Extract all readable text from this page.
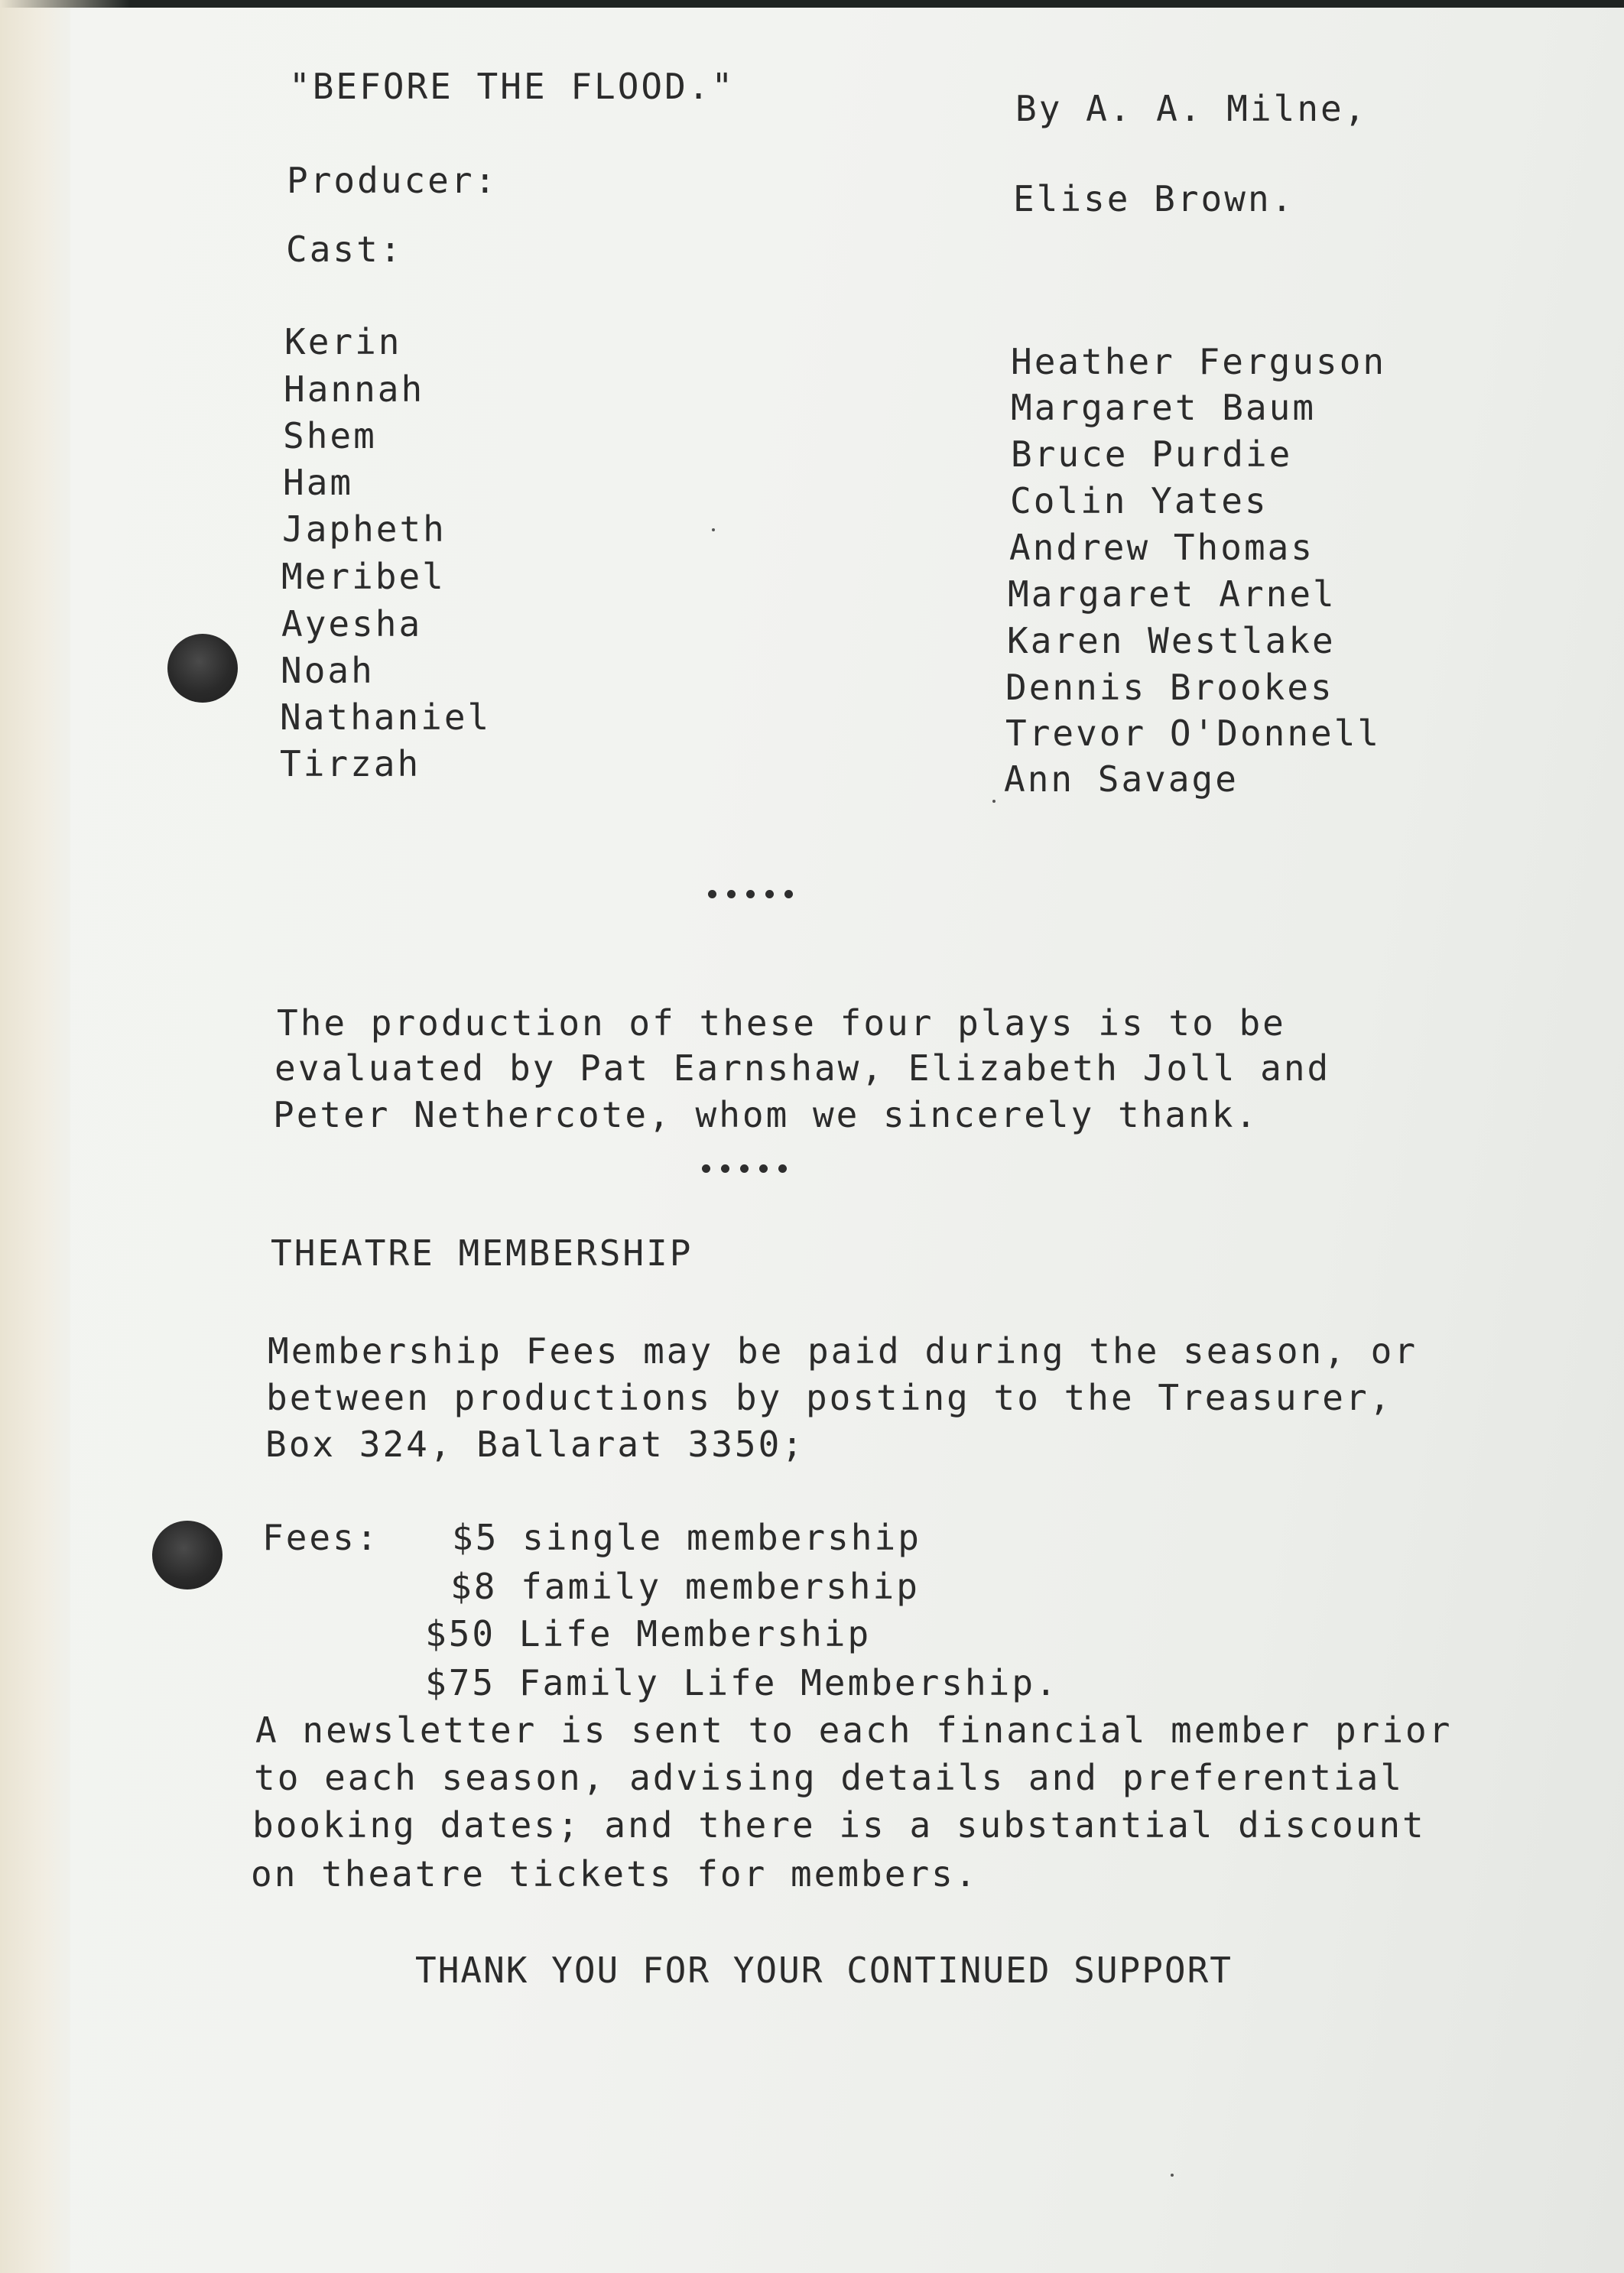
"BEFORE THE FLOOD."

By A. A. Milne,

Producer:	Elise Brown.

Cast:

Kerin	Heather Ferguson

Hannah	Margaret Baum

Shem	Bruce Purdie

Ham	Colin Yates

Japheth	Andrew Thomas

Meribel	Margaret Arnel

Ayesha	Karen Westlake

Noah	Dennis Brookes

Nathaniel	Trevor O'Donnell

Tirzah	Ann Savage

The production of these four plays is to be

evaluated by Pat Earnshaw, Elizabeth Joll and

Peter Nethercote, whom we sincerely thank.

THEATRE MEMBERSHIP

Membership Fees may be paid during the season, or

between productions by posting to the Treasurer,

Box 324, Ballarat 3350;

Fees: $5 single membership

$8 family membership

$50 Life Membership

$75 Family Life Membership.

A newsletter is sent to each financial member prior

to each season, advising details and preferential

booking dates; and there is a substantial discount

on theatre tickets for members.

THANK YOU FOR YOUR CONTINUED SUPPORT
